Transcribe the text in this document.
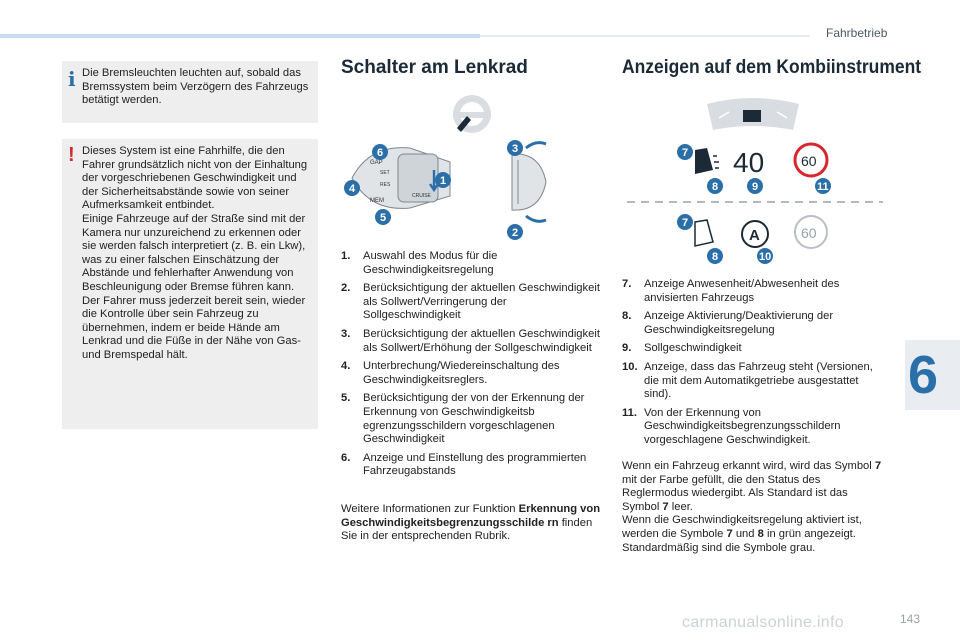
Fahrbetrieb
6
i Die Bremsleuchten leuchten auf, sobald das Bremssystem beim Verzögern des Fahrzeugs betätigt werden.
! Dieses System ist eine Fahrhilfe, die den Fahrer grundsätzlich nicht von der Einhaltung der vorgeschriebenen Geschwindigkeit und der Sicherheitsabstände sowie von seiner Aufmerksamkeit entbindet.
Einige Fahrzeuge auf der Straße sind mit der Kamera nur unzureichend zu erkennen oder sie werden falsch interpretiert (z. B. ein Lkw), was zu einer falschen Einschätzung der Abstände und fehlerhafter Anwendung von Beschleunigung oder Bremse führen kann.
Der Fahrer muss jederzeit bereit sein, wieder die Kontrolle über sein Fahrzeug zu übernehmen, indem er beide Hände am Lenkrad und die Füße in der Nähe von Gas- und Bremspedal hält.
Schalter am Lenkrad
GAP
SET
RES
MEM
CRUISE
1
2
3
4
5
6
1. Auswahl des Modus für die Geschwindigkeitsregelung
2. Berücksichtigung der aktuellen Geschwindigkeit als Sollwert/Verringerung der Sollgeschwindigkeit
3. Berücksichtigung der aktuellen Geschwindigkeit als Sollwert/Erhöhung der Sollgeschwindigkeit
4. Unterbrechung/Wiedereinschaltung des Geschwindigkeitsreglers.
5. Berücksichtigung der von der Erkennung der Erkennung von Geschwindigkeitsb egrenzungsschildern vorgeschlagenen Geschwindigkeit
6. Anzeige und Einstellung des programmierten Fahrzeugabstands
Weitere Informationen zur Funktion Erkennung von Geschwindigkeitsbegrenzungsschilde rn finden Sie in der entsprechenden Rubrik.
Anzeigen auf dem Kombiinstrument
40	60
A	60
7
8	9	11
7
8	10
7. Anzeige Anwesenheit/Abwesenheit des anvisierten Fahrzeugs
8. Anzeige Aktivierung/Deaktivierung der Geschwindigkeitsregelung
9. Sollgeschwindigkeit
10. Anzeige, dass das Fahrzeug steht (Versionen, die mit dem Automatikgetriebe ausgestattet sind).
11. Von der Erkennung von Geschwindigkeitsbegrenzungsschildern vorgeschlagene Geschwindigkeit.
Wenn ein Fahrzeug erkannt wird, wird das Symbol 7 mit der Farbe gefüllt, die den Status des Reglermodus wiedergibt. Als Standard ist das Symbol 7 leer.
Wenn die Geschwindigkeitsregelung aktiviert ist, werden die Symbole 7 und 8 in grün angezeigt. Standardmäßig sind die Symbole grau.
carmanualsonline.info	143
